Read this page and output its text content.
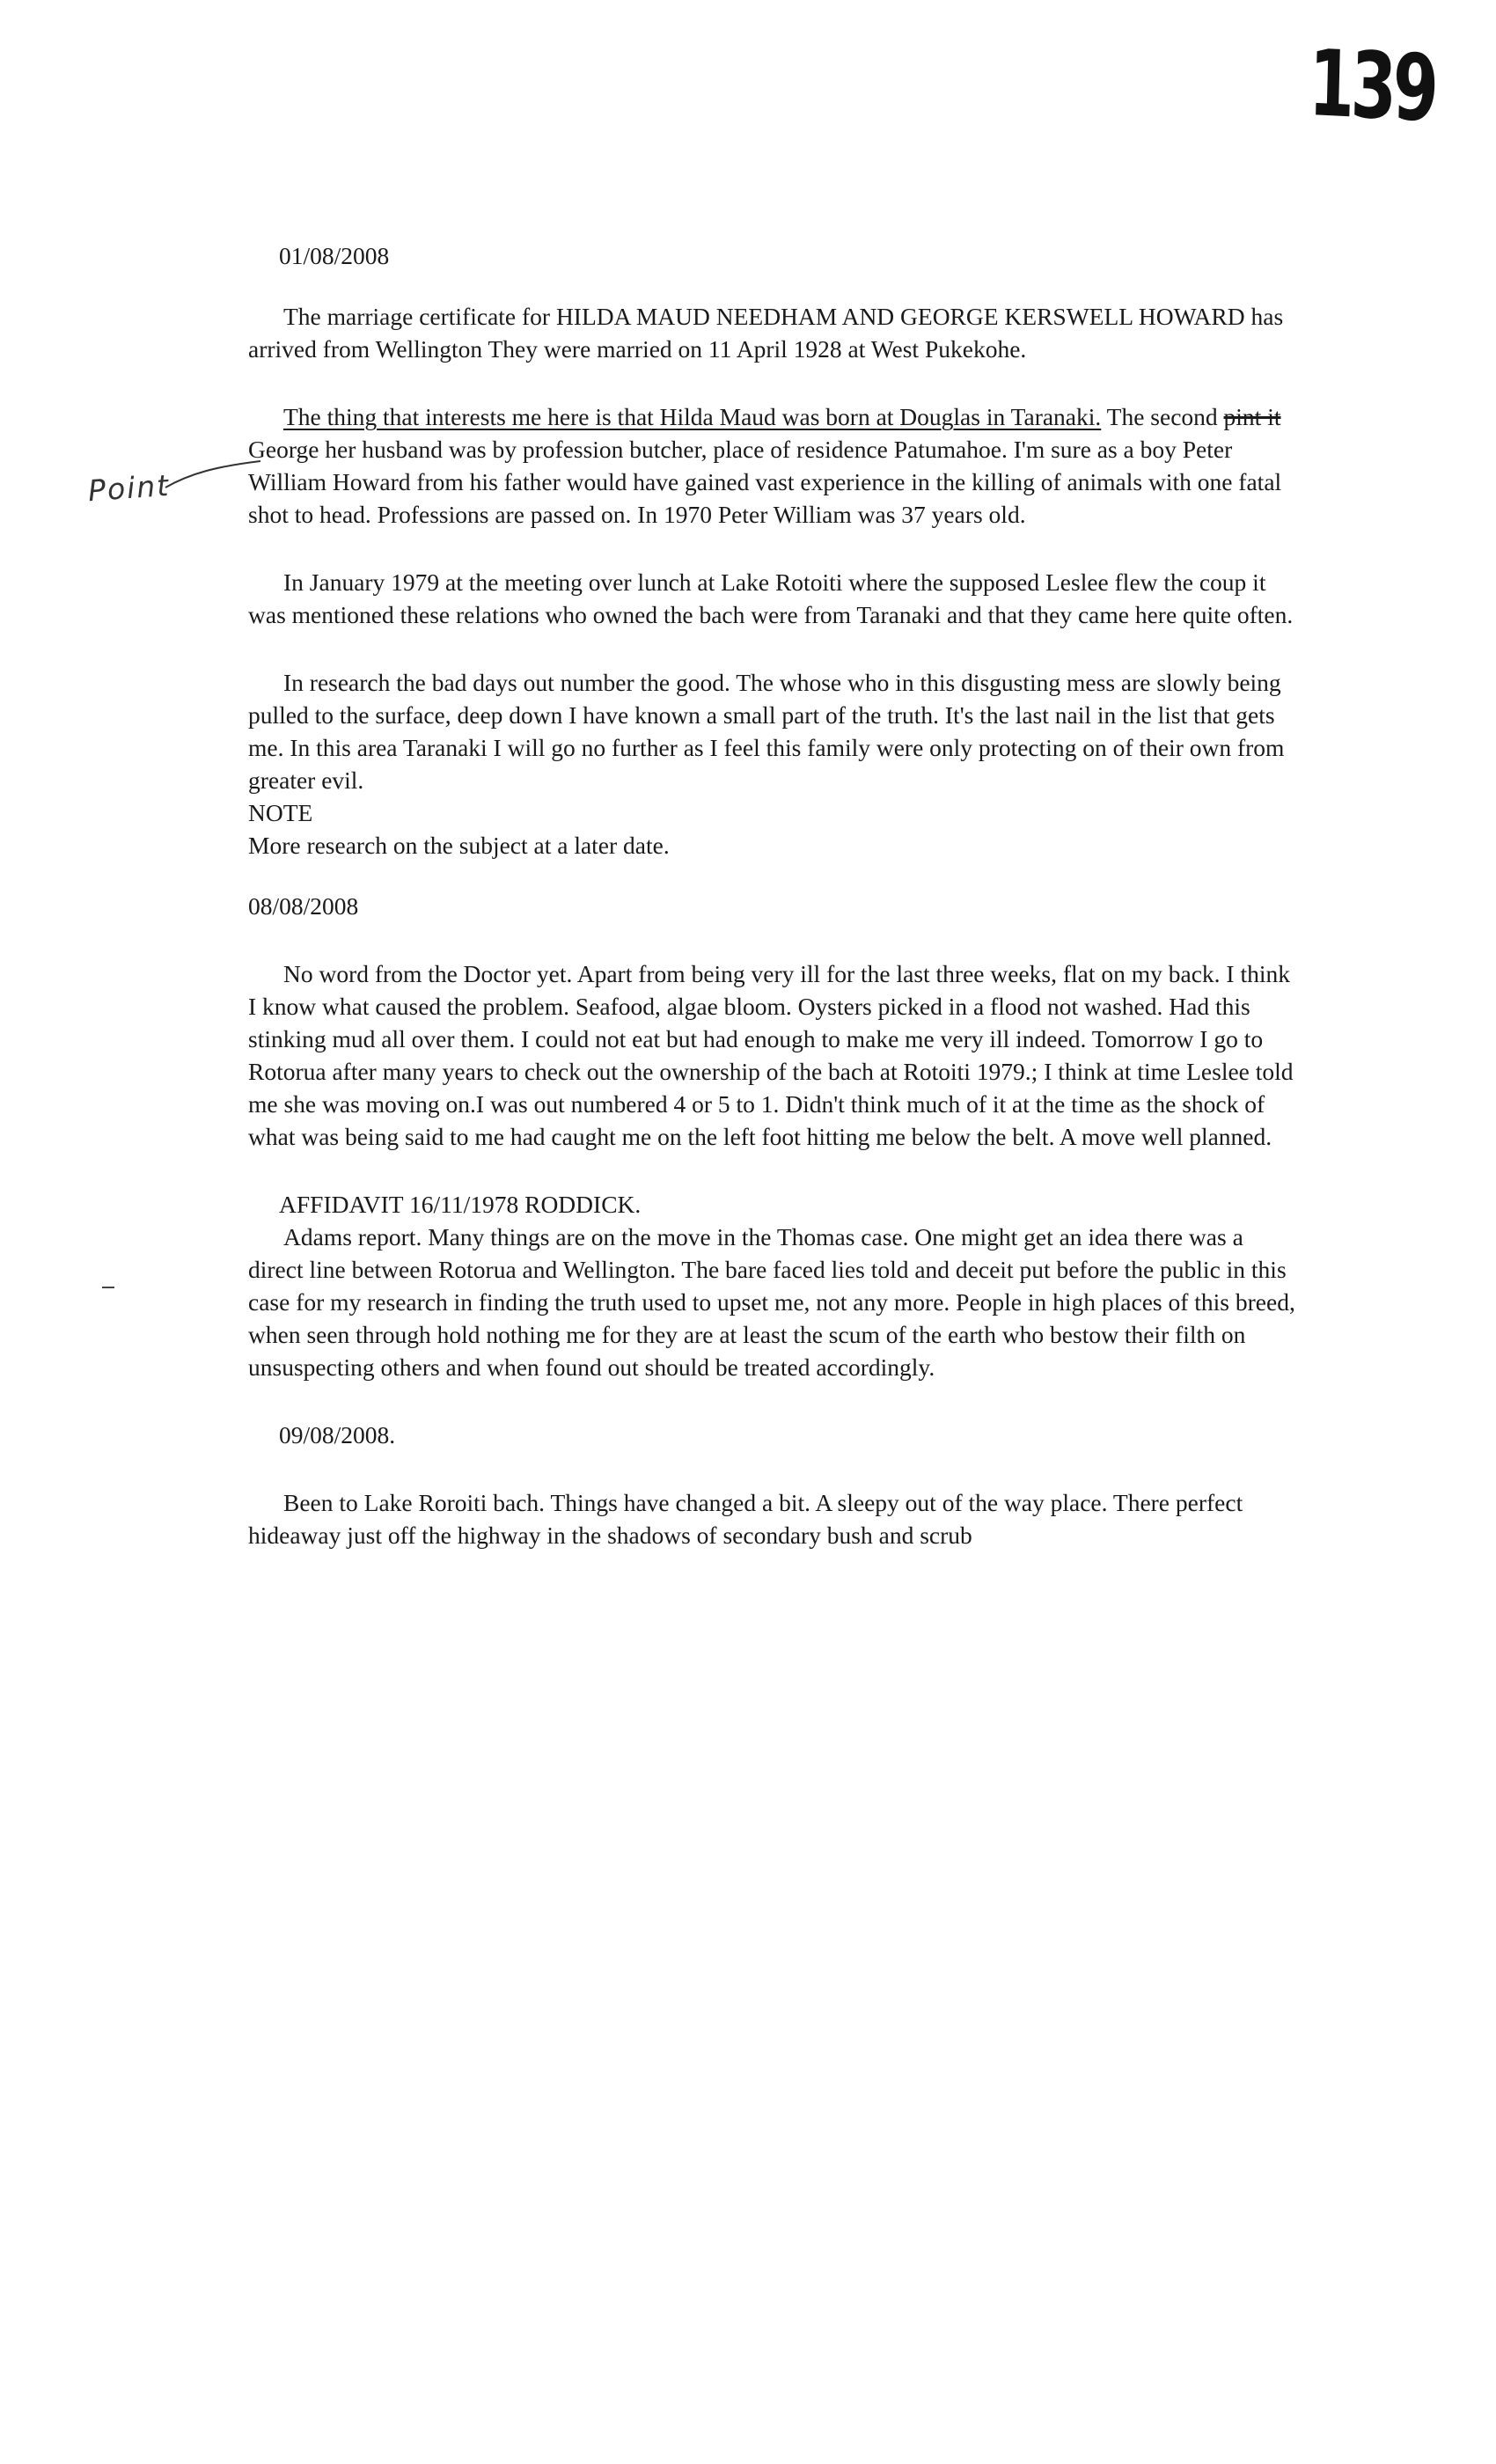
139
Point

01/08/2008

The marriage certificate for HILDA MAUD NEEDHAM AND GEORGE KERSWELL HOWARD has arrived from Wellington They were married on 11 April 1928 at West Pukekohe.

The thing that interests me here is that Hilda Maud was born at Douglas in Taranaki. The second pint it George her husband was by profession butcher, place of residence Patumahoe. I'm sure as a boy Peter William Howard from his father would have gained vast experience in the killing of animals with one fatal shot to head. Professions are passed on. In 1970 Peter William was 37 years old.

In January 1979 at the meeting over lunch at Lake Rotoiti where the supposed Leslee flew the coup it was mentioned these relations who owned the bach were from Taranaki and that they came here quite often.

In research the bad days out number the good. The whose who in this disgusting mess are slowly being pulled to the surface, deep down I have known a small part of the truth. It's the last nail in the list that gets me. In this area Taranaki I will go no further as I feel this family were only protecting on of their own from greater evil.

NOTE

More research on the subject at a later date.

08/08/2008

No word from the Doctor yet. Apart from being very ill for the last three weeks, flat on my back. I think I know what caused the problem. Seafood, algae bloom. Oysters picked in a flood not washed. Had this stinking mud all over them. I could not eat but had enough to make me very ill indeed. Tomorrow I go to Rotorua after many years to check out the ownership of the bach at Rotoiti 1979.; I think at time Leslee told me she was moving on.I was out numbered 4 or 5 to 1. Didn't think much of it at the time as the shock of what was being said to me had caught me on the left foot hitting me below the belt. A move well planned.

AFFIDAVIT 16/11/1978 RODDICK.

Adams report. Many things are on the move in the Thomas case. One might get an idea there was a direct line between Rotorua and Wellington. The bare faced lies told and deceit put before the public in this case for my research in finding the truth used to upset me, not any more. People in high places of this breed, when seen through hold nothing me for they are at least the scum of the earth who bestow their filth on unsuspecting others and when found out should be treated accordingly.

09/08/2008.

Been to Lake Roroiti bach. Things have changed a bit. A sleepy out of the way place. There perfect hideaway just off the highway in the shadows of secondary bush and scrub
